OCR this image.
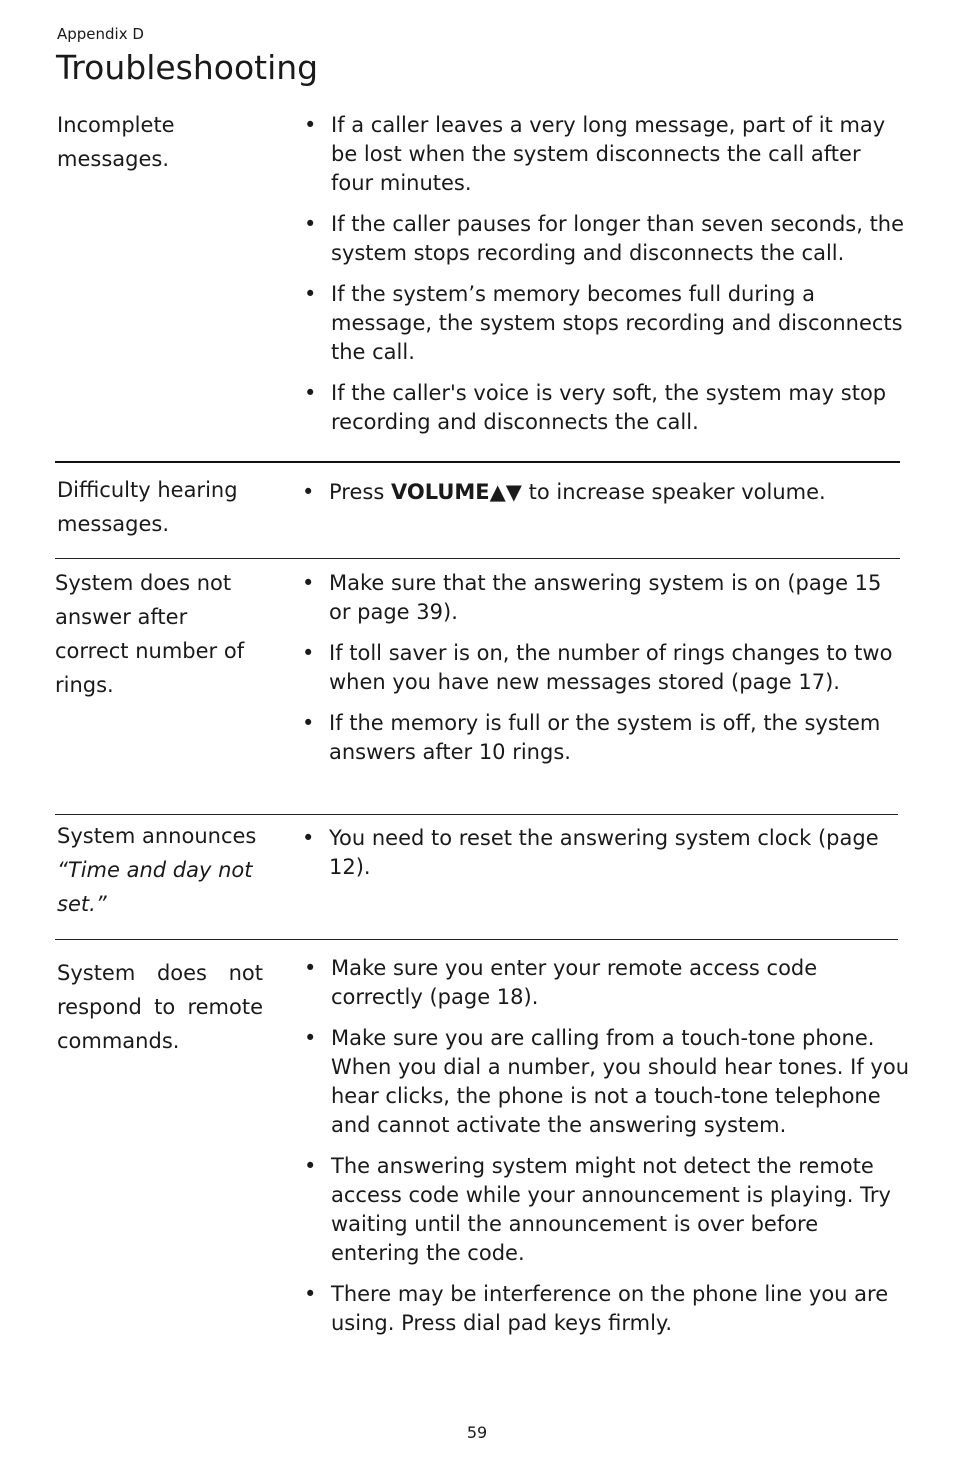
Appendix D
Troubleshooting

Incomplete messages.

• If a caller leaves a very long message, part of it may be lost when the system disconnects the call after four minutes.
• If the caller pauses for longer than seven seconds, the system stops recording and disconnects the call.
• If the system’s memory becomes full during a message, the system stops recording and disconnects the call.
• If the caller's voice is very soft, the system may stop recording and disconnects the call.

Difficulty hearing messages.

• Press VOLUME▲▼ to increase speaker volume.

System does not answer after correct number of rings.

• Make sure that the answering system is on (page 15 or page 39).
• If toll saver is on, the number of rings changes to two when you have new messages stored (page 17).
• If the memory is full or the system is off, the system answers after 10 rings.

System announces “Time and day not set.”

• You need to reset the answering system clock (page 12).

System does not respond to remote commands.

• Make sure you enter your remote access code correctly (page 18).
• Make sure you are calling from a touch-tone phone. When you dial a number, you should hear tones. If you hear clicks, the phone is not a touch-tone telephone and cannot activate the answering system.
• The answering system might not detect the remote access code while your announcement is playing. Try waiting until the announcement is over before entering the code.
• There may be interference on the phone line you are using. Press dial pad keys firmly.
59
